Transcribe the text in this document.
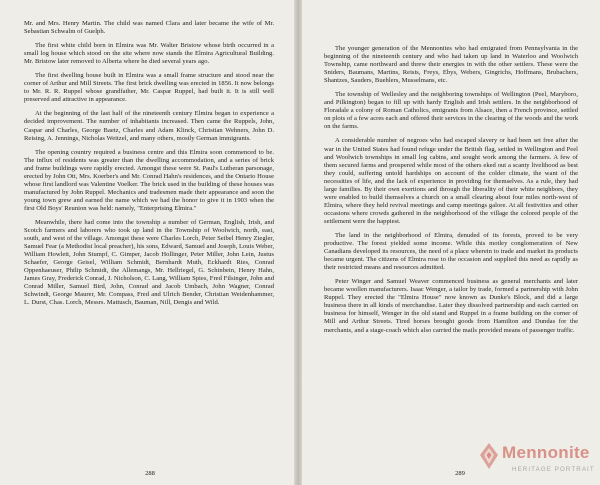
Mr. and Mrs. Henry Martin. The child was named Clara and later became the wife of Mr. Sebastian Schwalm of Guelph.

The first white child born in Elmira was Mr. Walter Bristow whose birth occurred in a small log house which stood on the site where now stands the Elmira Agricultural Building. Mr. Bristow later removed to Alberta where he died several years ago.

The first dwelling house built in Elmira was a small frame structure and stood near the corner of Arthur and Mill Streets. The first brick dwelling was erected in 1856. It now belongs to Mr. R. R. Ruppel whose grandfather, Mr. Caspar Ruppel, had built it. It is still well preserved and attractive in appearance.

At the beginning of the last half of the nineteenth century Elmira began to experience a decided improvement. The number of inhabitants increased. Then came the Ruppels, John, Caspar and Charles, George Baetz, Charles and Adam Klinck, Christian Wehners, John D. Reising, A. Jennings, Nicholas Weitzel, and many others, mostly German immigrants.

The opening country required a business centre and this Elmira soon commenced to be. The influx of residents was greater than the dwelling accommodation, and a series of brick and frame buildings were rapidly erected. Amongst these were St. Paul's Lutheran parsonage, erected by John Ott, Mrs. Koerber's and Mr. Conrad Hahn's residences, and the Ontario House whose first landlord was Valentine Voelker. The brick used in the building of these houses was manufactured by John Ruppel. Mechanics and tradesmen made their appearance and soon the young town grew and earned the name which we had the honor to give it in 1903 when the first Old Boys' Reunion was held: namely, "Enterprising Elmira."

Meanwhile, there had come into the township a number of German, English, Irish, and Scotch farmers and laborers who took up land in the Township of Woolwich, north, east, south, and west of the village. Amongst these were Charles Lorch, Peter Seibel Henry Ziegler, Samuel Fear (a Methodist local preacher), his sons, Edward, Samuel and Joseph, Louis Weber, William Howlett, John Stumpf, C. Gimper, Jacob Hollinger, Peter Miller, John Lein, Justus Schaefer, George Geisel, William Schmidt, Bernhardt Muth, Eckhardt Ries, Conrad Oppenhaeuser, Philip Schmidt, the Allemangs, Mr. Hellriegel, G. Schinbein, Henry Hahn, James Gray, Frederick Conrad, J. Nicholson, C. Lang, William Spies, Fred Filsinger, John and Conrad Miller, Samuel Bird, John, Conrad and Jacob Umbach, John Wagner, Conrad Schwindt, George Maurer, Mr. Compass, Fred and Ulrich Bender, Christian Weidenhammer, L. Durst, Chas. Lorch, Messrs. Mattusch, Bauman, Nill, Dengis and Wild.

288

The younger generation of the Mennonites who had emigrated from Pennsylvania in the beginning of the nineteenth century and who had taken up land in Waterloo and Woolwich Township, came northward and threw their energies in with the other settlers. These were the Sniders, Baumans, Martins, Reists, Freys, Ebys, Webers, Gingrichs, Hoffmans, Brubachers, Shantzes, Sauders, Buehlers, Musselmans, etc.

The township of Wellesley and the neighboring townships of Wellington (Peel, Maryboro, and Pilkington) began to fill up with hardy English and Irish settlers. In the neighborhood of Floradale a colony of Roman Catholics, emigrants from Alsace, then a French province, settled on plots of a few acres each and offered their services in the clearing of the woods and the work on the farms.

A considerable number of negroes who had escaped slavery or had been set free after the war in the United States had found refuge under the British flag, settled in Wellington and Peel and Woolwich townships in small log cabins, and sought work among the farmers. A few of them secured farms and prospered while most of the others eked out a scanty livelihood as best they could, suffering untold hardships on account of the colder climate, the want of the necessities of life, and the lack of experience in providing for themselves. As a rule, they had large families. By their own exertions and through the liberality of their white neighbors, they were enabled to build themselves a church on a small clearing about four miles north-west of Elmira, where they held revival meetings and camp meetings galore. At all festivities and other occasions where crowds gathered in the neighborhood of the village the colored people of the settlement were the happiest.

The land in the neighborhood of Elmira, denuded of its forests, proved to be very productive. The forest yielded some income. While this motley conglomeration of New Canadians developed its resources, the need of a place wherein to trade and market its products became urgent. The citizens of Elmira rose to the occasion and supplied this need as rapidly as their restricted means and resources admitted.

Peter Winger and Samuel Weaver commenced business as general merchants and later became woollen manufacturers. Isaac Wenger, a tailor by trade, formed a partnership with John Ruppel. They erected the "Elmira House" now known as Dunke's Block, and did a large business there in all kinds of merchandise. Later they dissolved partnership and each carried on business for himself, Wenger in the old stand and Ruppel in a frame building on the corner of Mill and Arthur Streets. Tired horses brought goods from Hamilton and Dundas for the merchants, and a stage-coach which also carried the mails provided means of passenger traffic.

289
Mennonite
HERITAGE PORTRAIT
